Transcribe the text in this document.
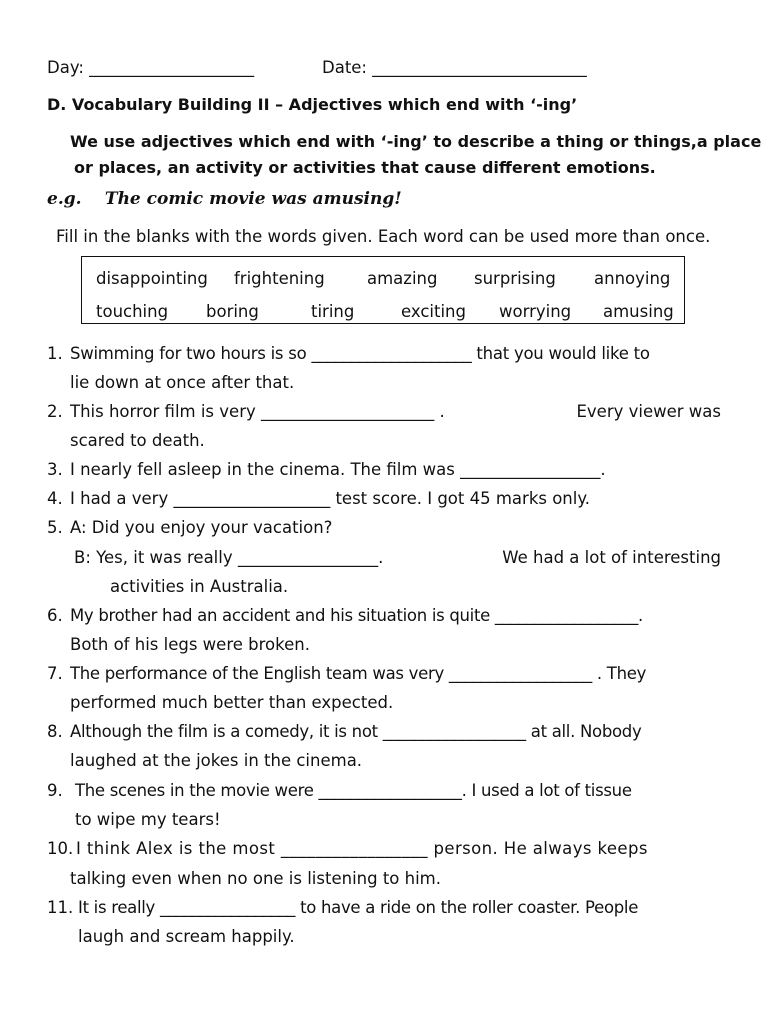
Day: ____________________	Date: __________________________
D. Vocabulary Building II – Adjectives which end with ‘-ing’
We use adjectives which end with ‘-ing’ to describe a thing or things,a place
or places, an activity or activities that cause different emotions.
e.g. The comic movie was amusing!
Fill in the blanks with the words given. Each word can be used more than once.
disappointing frightening	amazing surprising annoying
touching boring	tiring	exciting worrying amusing
1. Swimming for two hours is so ____________________ that you would like to
lie down at once after that.
2. This horror film is very _____________________ .	Every viewer was
scared to death.
3. I nearly fell asleep in the cinema. The film was _________________.
4. I had a very ___________________ test score. I got 45 marks only.
5. A: Did you enjoy your vacation?
B: Yes, it was really _________________.	We had a lot of interesting
activities in Australia.
6. My brother had an accident and his situation is quite __________________.
Both of his legs were broken.
7. The performance of the English team was very __________________ . They
performed much better than expected.
8. Although the film is a comedy, it is not __________________ at all. Nobody
laughed at the jokes in the cinema.
9. The scenes in the movie were __________________. I used a lot of tissue
to wipe my tears!
10. I think Alex is the most _________________ person. He always keeps
talking even when no one is listening to him.
11. It is really _________________ to have a ride on the roller coaster. People
laugh and scream happily.
